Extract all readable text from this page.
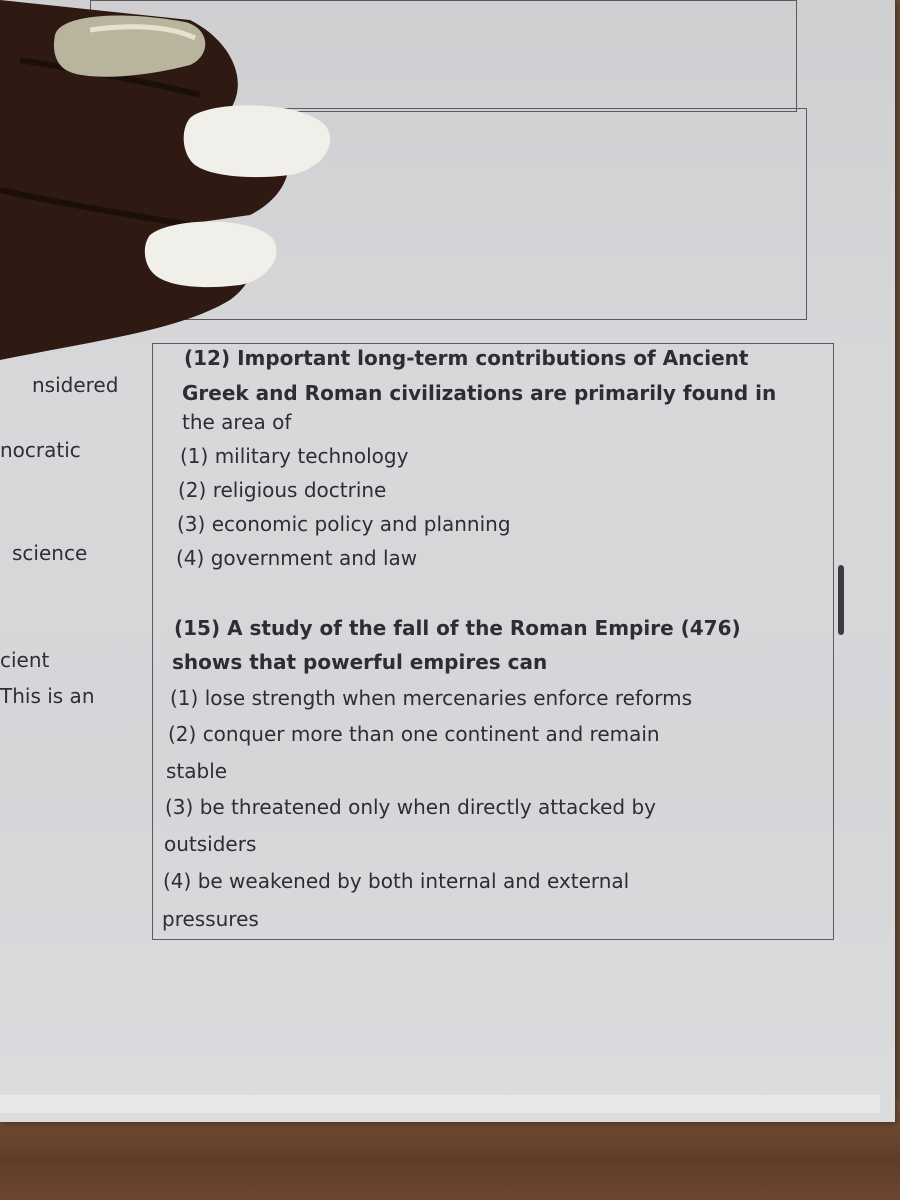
nsidered
nocratic
science
cient
This is an
(12) Important long-term contributions of Ancient
Greek and Roman civilizations are primarily found in
the area of
(1) military technology
(2) religious doctrine
(3) economic policy and planning
(4) government and law
(15) A study of the fall of the Roman Empire (476)
shows that powerful empires can
(1) lose strength when mercenaries enforce reforms
(2) conquer more than one continent and remain
stable
(3) be threatened only when directly attacked by
outsiders
(4) be weakened by both internal and external
pressures
